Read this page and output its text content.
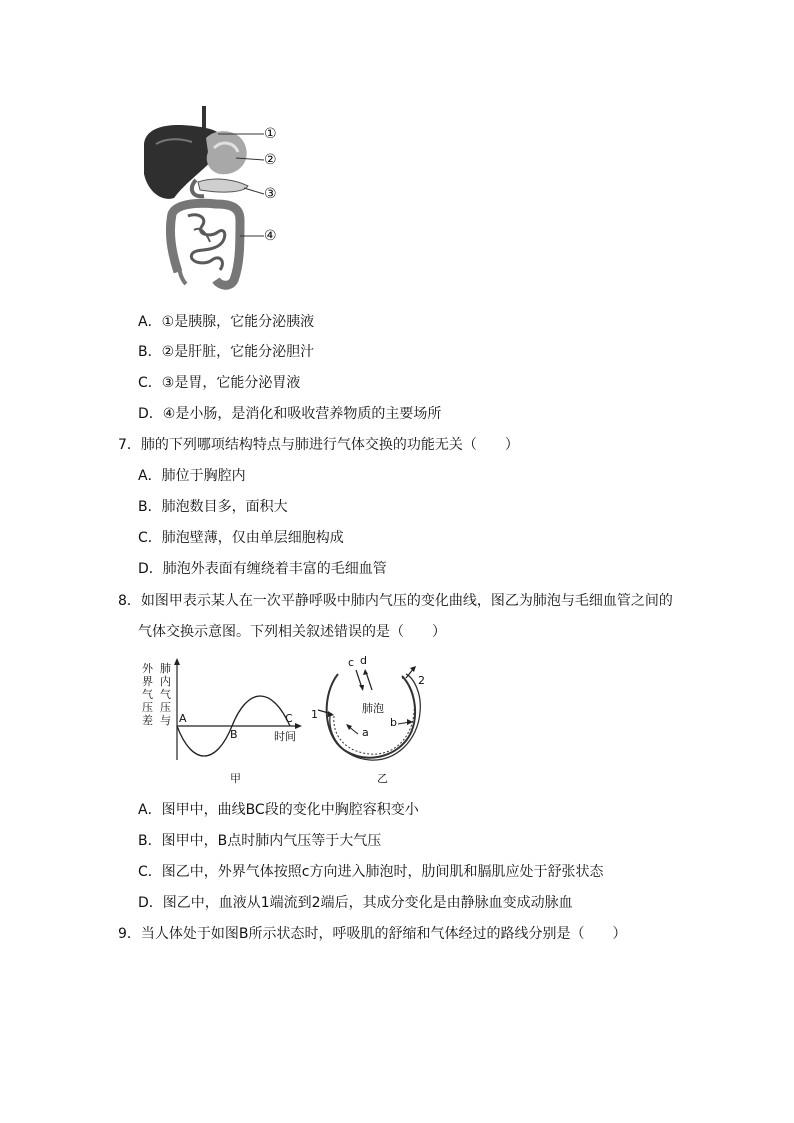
①
②
③
④
A．①是胰腺，它能分泌胰液
B．②是肝脏，它能分泌胆汁
C．③是胃，它能分泌胃液
D．④是小肠，是消化和吸收营养物质的主要场所
7．肺的下列哪项结构特点与肺进行气体交换的功能无关（　　）
A．肺位于胸腔内
B．肺泡数目多，面积大
C．肺泡壁薄，仅由单层细胞构成
D．肺泡外表面有缠绕着丰富的毛细血管
8．如图甲表示某人在一次平静呼吸中肺内气压的变化曲线，图乙为肺泡与毛细血管之间的
气体交换示意图。下列相关叙述错误的是（　　）
外
界
气
压
差
肺
内
气
压
与 A
B
C
时间
甲
c d
肺泡
1
2
a
b
乙
A．图甲中，曲线BC段的变化中胸腔容积变小
B．图甲中，B点时肺内气压等于大气压
C．图乙中，外界气体按照c方向进入肺泡时，肋间肌和膈肌应处于舒张状态
D．图乙中，血液从1端流到2端后，其成分变化是由静脉血变成动脉血
9．当人体处于如图B所示状态时，呼吸肌的舒缩和气体经过的路线分别是（　　）
